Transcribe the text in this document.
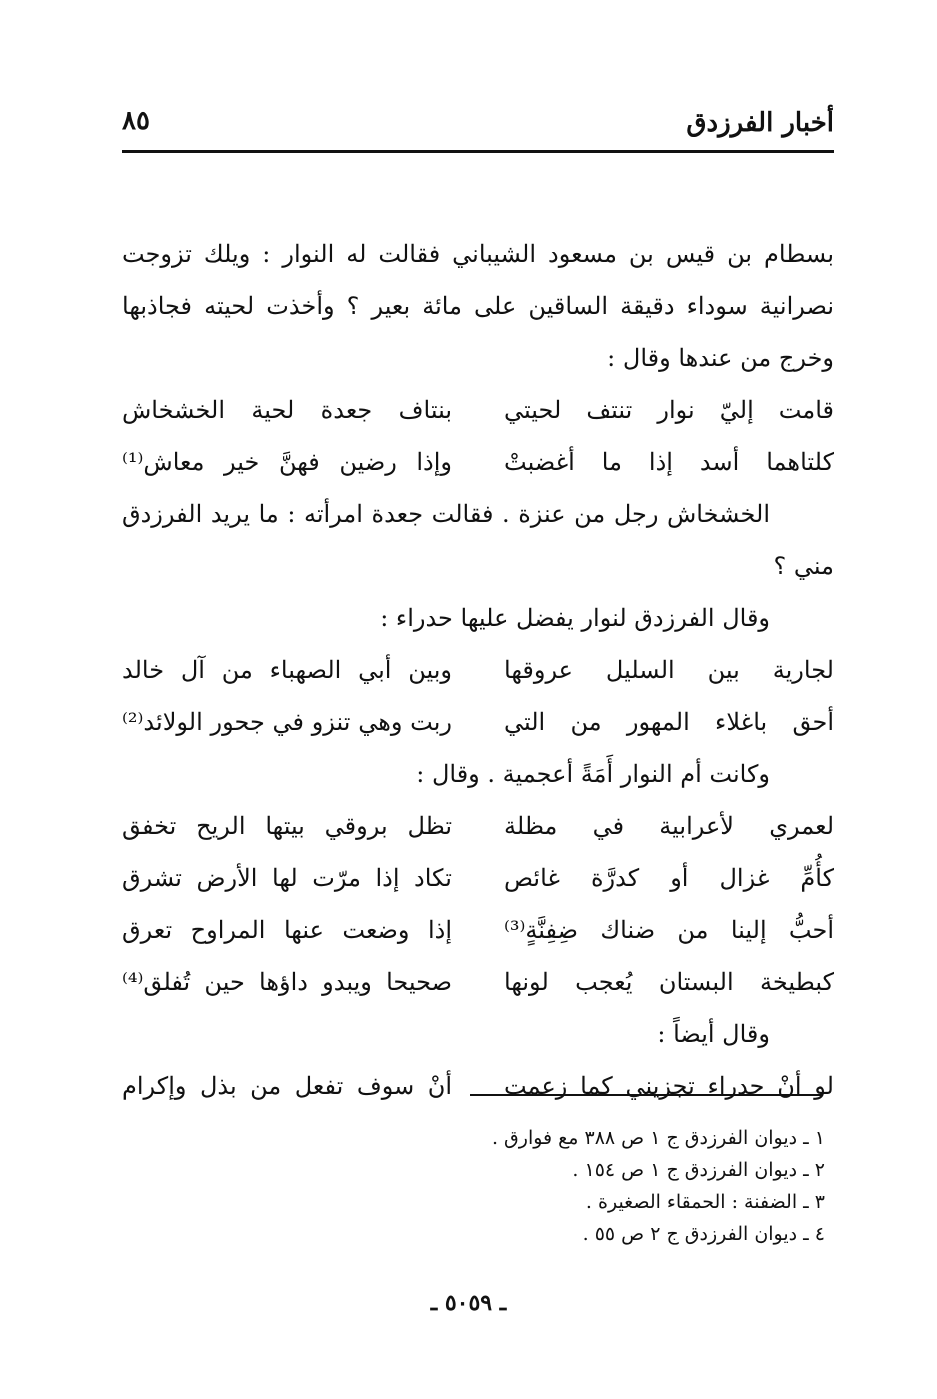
أخبار الفرزدق
٨٥

بسطام بن قيس بن مسعود الشيباني فقالت له النوار : ويلك تزوجت نصرانية سوداء دقيقة الساقين على مائة بعير ؟ وأخذت لحيته فجاذبها وخرج من عندها وقال :

قامت إليّ نوار تنتف لحيتي
بنتاف جعدة لحية الخشخاش
كلتاهما أسد إذا ما أغضبتْ
وإذا رضين فهنَّ خير معاش⁽¹⁾

الخشخاش رجل من عنزة . فقالت جعدة امرأته : ما يريد الفرزدق مني ؟

وقال الفرزدق لنوار يفضل عليها حدراء :

لجارية بين السليل عروقها
وبين أبي الصهباء من آل خالد
أحق باغلاء المهور من التي
ربت وهي تنزو في جحور الولائد⁽²⁾

وكانت أم النوار أَمَةً أعجمية . وقال :

لعمري لأعرابية في مظلة
تظل بروقي بيتها الريح تخفق
كأُمِّ غزال أو كدرَّة غائص
تكاد إذا مرّت لها الأرض تشرق
أحبُّ إلينا من ضناك ضِفِنَّةٍ⁽³⁾
إذا وضعت عنها المراوح تعرق
كبطيخة البستان يُعجب لونها
صحيحا ويبدو داؤها حين تُفلق⁽⁴⁾

وقال أيضاً :

لو أنْ حدراء تجزيني كما زعمت
أنْ سوف تفعل من بذل وإكرام
١ ـ ديوان الفرزدق ج ١ ص ٣٨٨ مع فوارق .
٢ ـ ديوان الفرزدق ج ١ ص ١٥٤ .
٣ ـ الضفنة : الحمقاء الصغيرة .
٤ ـ ديوان الفرزدق ج ٢ ص ٥٥ .
ـ ٥٠٥٩ ـ
